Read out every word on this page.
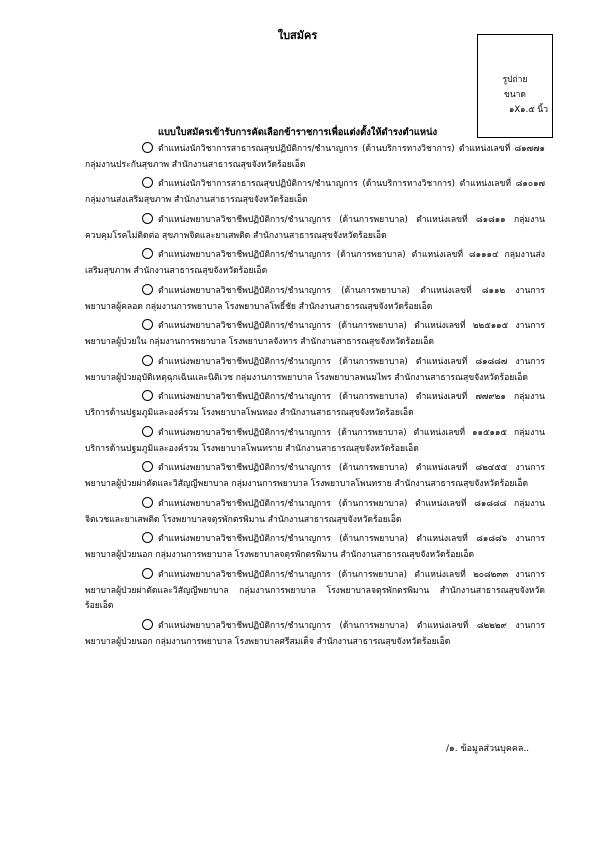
ใบสมัคร
รูปถ่าย
ขนาด
๑X๑.๕ นิ้ว
แบบใบสมัครเข้ารับการคัดเลือกข้าราชการเพื่อแต่งตั้งให้ดำรงตำแหน่ง

ตำแหน่งนักวิชาการสาธารณสุขปฏิบัติการ/ชำนาญการ (ด้านบริการทางวิชาการ) ตำแหน่งเลขที่ ๘๑๗๗๑ กลุ่มงานประกันสุขภาพ สำนักงานสาธารณสุขจังหวัดร้อยเอ็ด

ตำแหน่งนักวิชาการสาธารณสุขปฏิบัติการ/ชำนาญการ (ด้านบริการทางวิชาการ) ตำแหน่งเลขที่ ๘๑๐๑๗ กลุ่มงานส่งเสริมสุขภาพ สำนักงานสาธารณสุขจังหวัดร้อยเอ็ด

ตำแหน่งพยาบาลวิชาชีพปฏิบัติการ/ชำนาญการ (ด้านการพยาบาล) ตำแหน่งเลขที่ ๘๑๘๑๑ กลุ่มงานควบคุมโรคไม่ติดต่อ สุขภาพจิตและยาเสพติด สำนักงานสาธารณสุขจังหวัดร้อยเอ็ด

ตำแหน่งพยาบาลวิชาชีพปฏิบัติการ/ชำนาญการ (ด้านการพยาบาล) ตำแหน่งเลขที่ ๘๑๑๑๔ กลุ่มงานส่งเสริมสุขภาพ สำนักงานสาธารณสุขจังหวัดร้อยเอ็ด

ตำแหน่งพยาบาลวิชาชีพปฏิบัติการ/ชำนาญการ (ด้านการพยาบาล) ตำแหน่งเลขที่ ๘๑๑๒ งานการพยาบาลผู้คลอด กลุ่มงานการพยาบาล โรงพยาบาลโพธิ์ชัย สำนักงานสาธารณสุขจังหวัดร้อยเอ็ด

ตำแหน่งพยาบาลวิชาชีพปฏิบัติการ/ชำนาญการ (ด้านการพยาบาล) ตำแหน่งเลขที่ ๒๒๕๑๑๕ งานการพยาบาลผู้ป่วยใน กลุ่มงานการพยาบาล โรงพยาบาลจังหาร สำนักงานสาธารณสุขจังหวัดร้อยเอ็ด

ตำแหน่งพยาบาลวิชาชีพปฏิบัติการ/ชำนาญการ (ด้านการพยาบาล) ตำแหน่งเลขที่ ๘๑๘๘๗ งานการพยาบาลผู้ป่วยอุบัติเหตุฉุกเฉินและนิติเวช กลุ่มงานการพยาบาล โรงพยาบาลพนมไพร สำนักงานสาธารณสุขจังหวัดร้อยเอ็ด

ตำแหน่งพยาบาลวิชาชีพปฏิบัติการ/ชำนาญการ (ด้านการพยาบาล) ตำแหน่งเลขที่ ๗๗๙๒๑ กลุ่มงานบริการด้านปฐมภูมิและองค์รวม โรงพยาบาลโพนทอง สำนักงานสาธารณสุขจังหวัดร้อยเอ็ด

ตำแหน่งพยาบาลวิชาชีพปฏิบัติการ/ชำนาญการ (ด้านการพยาบาล) ตำแหน่งเลขที่ ๑๑๕๑๑๕ กลุ่มงานบริการด้านปฐมภูมิและองค์รวม โรงพยาบาลโพนทราย สำนักงานสาธารณสุขจังหวัดร้อยเอ็ด

ตำแหน่งพยาบาลวิชาชีพปฏิบัติการ/ชำนาญการ (ด้านการพยาบาล) ตำแหน่งเลขที่ ๘๒๔๕๕ งานการพยาบาลผู้ป่วยผ่าตัดและวิสัญญีพยาบาล กลุ่มงานการพยาบาล โรงพยาบาลโพนทราย สำนักงานสาธารณสุขจังหวัดร้อยเอ็ด

ตำแหน่งพยาบาลวิชาชีพปฏิบัติการ/ชำนาญการ (ด้านการพยาบาล) ตำแหน่งเลขที่ ๘๑๘๘๘ กลุ่มงานจิตเวชและยาเสพติด โรงพยาบาลจตุรพักตรพิมาน สำนักงานสาธารณสุขจังหวัดร้อยเอ็ด

ตำแหน่งพยาบาลวิชาชีพปฏิบัติการ/ชำนาญการ (ด้านการพยาบาล) ตำแหน่งเลขที่ ๘๑๘๘๖ งานการพยาบาลผู้ป่วยนอก กลุ่มงานการพยาบาล โรงพยาบาลจตุรพักตรพิมาน สำนักงานสาธารณสุขจังหวัดร้อยเอ็ด

ตำแหน่งพยาบาลวิชาชีพปฏิบัติการ/ชำนาญการ (ด้านการพยาบาล) ตำแหน่งเลขที่ ๒๐๘๒๓๓ งานการพยาบาลผู้ป่วยผ่าตัดและวิสัญญีพยาบาล กลุ่มงานการพยาบาล โรงพยาบาลจตุรพักตรพิมาน สำนักงานสาธารณสุขจังหวัดร้อยเอ็ด

ตำแหน่งพยาบาลวิชาชีพปฏิบัติการ/ชำนาญการ (ด้านการพยาบาล) ตำแหน่งเลขที่ ๘๒๒๒๙ งานการพยาบาลผู้ป่วยนอก กลุ่มงานการพยาบาล โรงพยาบาลศรีสมเด็จ สำนักงานสาธารณสุขจังหวัดร้อยเอ็ด

/๑. ข้อมูลส่วนบุคคล..
